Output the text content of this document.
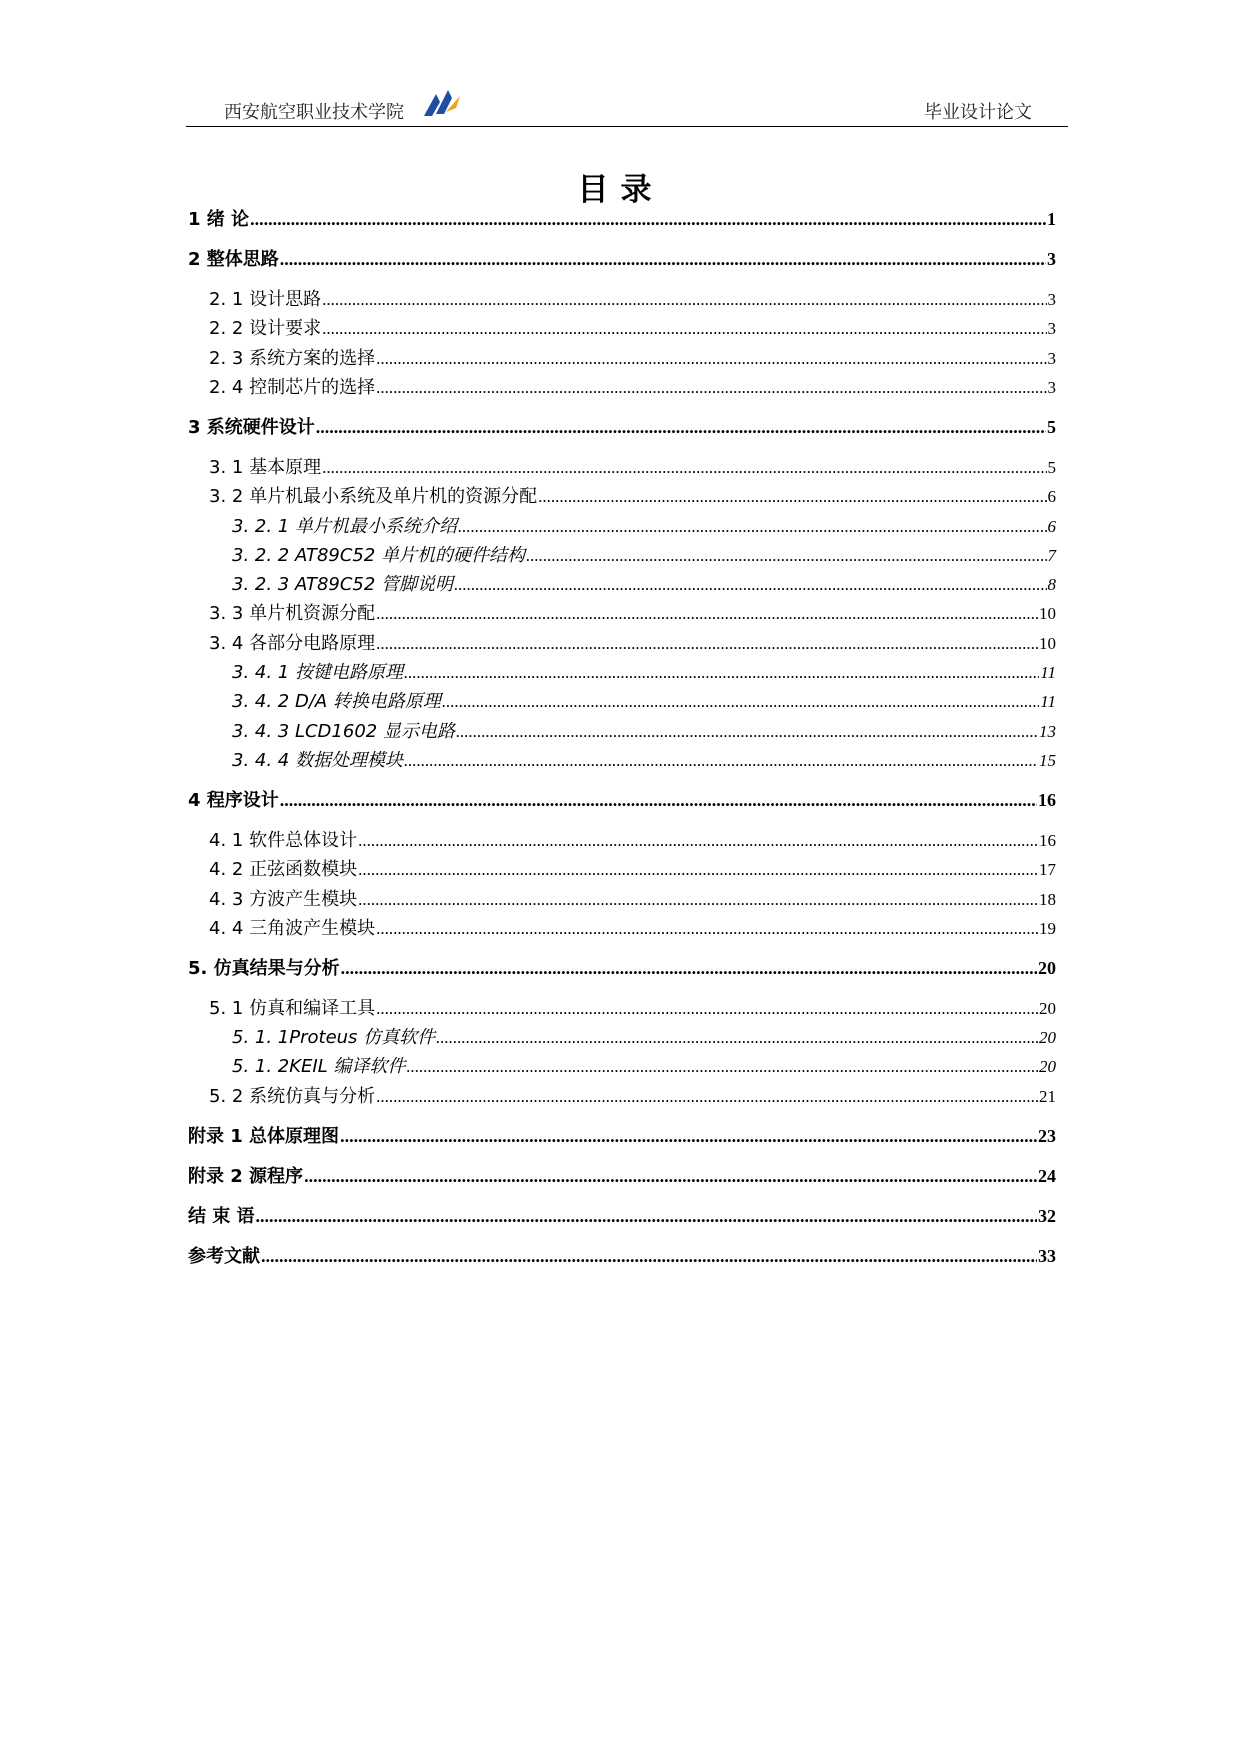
西安航空职业技术学院	毕业设计论文
目录
1 绪 论 .....	1
2 整体思路 .....	3
2. 1 设计思路 .....	3
2. 2 设计要求 .....	3
2. 3 系统方案的选择 .....	3
2. 4 控制芯片的选择 .....	3
3 系统硬件设计 .....	5
3. 1 基本原理 .....	5
3. 2 单片机最小系统及单片机的资源分配 .....	6
3. 2. 1 单片机最小系统介绍 .....	6
3. 2. 2 AT89C52 单片机的硬件结构 .....	7
3. 2. 3 AT89C52 管脚说明 .....	8
3. 3 单片机资源分配 .....	10
3. 4 各部分电路原理 .....	10
3. 4. 1 按键电路原理 .....	11
3. 4. 2 D/A 转换电路原理 .....	11
3. 4. 3 LCD1602 显示电路 .....	13
3. 4. 4 数据处理模块 .....	15
4 程序设计 .....	16
4. 1 软件总体设计 .....	16
4. 2 正弦函数模块 .....	17
4. 3 方波产生模块 .....	18
4. 4 三角波产生模块 .....	19
5. 仿真结果与分析 .....	20
5. 1 仿真和编译工具 .....	20
5. 1. 1Proteus 仿真软件 .....	20
5. 1. 2KEIL 编译软件 .....	20
5. 2 系统仿真与分析 .....	21
附录 1 总体原理图 .....	23
附录 2 源程序 .....	24
结 束 语 .....	32
参考文献 .....	33
